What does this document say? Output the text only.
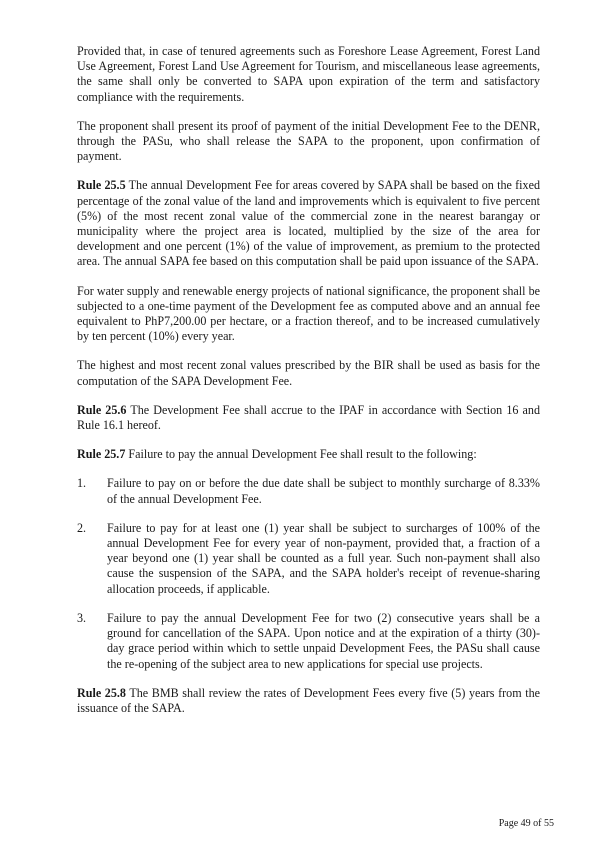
Provided that, in case of tenured agreements such as Foreshore Lease Agreement, Forest Land Use Agreement, Forest Land Use Agreement for Tourism, and miscellaneous lease agreements, the same shall only be converted to SAPA upon expiration of the term and satisfactory compliance with the requirements.

The proponent shall present its proof of payment of the initial Development Fee to the DENR, through the PASu, who shall release the SAPA to the proponent, upon confirmation of payment.

Rule 25.5 The annual Development Fee for areas covered by SAPA shall be based on the fixed percentage of the zonal value of the land and improvements which is equivalent to five percent (5%) of the most recent zonal value of the commercial zone in the nearest barangay or municipality where the project area is located, multiplied by the size of the area for development and one percent (1%) of the value of improvement, as premium to the protected area. The annual SAPA fee based on this computation shall be paid upon issuance of the SAPA.

For water supply and renewable energy projects of national significance, the proponent shall be subjected to a one-time payment of the Development fee as computed above and an annual fee equivalent to PhP7,200.00 per hectare, or a fraction thereof, and to be increased cumulatively by ten percent (10%) every year.

The highest and most recent zonal values prescribed by the BIR shall be used as basis for the computation of the SAPA Development Fee.

Rule 25.6 The Development Fee shall accrue to the IPAF in accordance with Section 16 and Rule 16.1 hereof.

Rule 25.7 Failure to pay the annual Development Fee shall result to the following:

1.	Failure to pay on or before the due date shall be subject to monthly surcharge of 8.33% of the annual Development Fee.
2.	Failure to pay for at least one (1) year shall be subject to surcharges of 100% of the annual Development Fee for every year of non-payment, provided that, a fraction of a year beyond one (1) year shall be counted as a full year. Such non-payment shall also cause the suspension of the SAPA, and the SAPA holder's receipt of revenue-sharing allocation proceeds, if applicable.
3.	Failure to pay the annual Development Fee for two (2) consecutive years shall be a ground for cancellation of the SAPA. Upon notice and at the expiration of a thirty (30)-day grace period within which to settle unpaid Development Fees, the PASu shall cause the re-opening of the subject area to new applications for special use projects.

Rule 25.8 The BMB shall review the rates of Development Fees every five (5) years from the issuance of the SAPA.

Page 49 of 55
